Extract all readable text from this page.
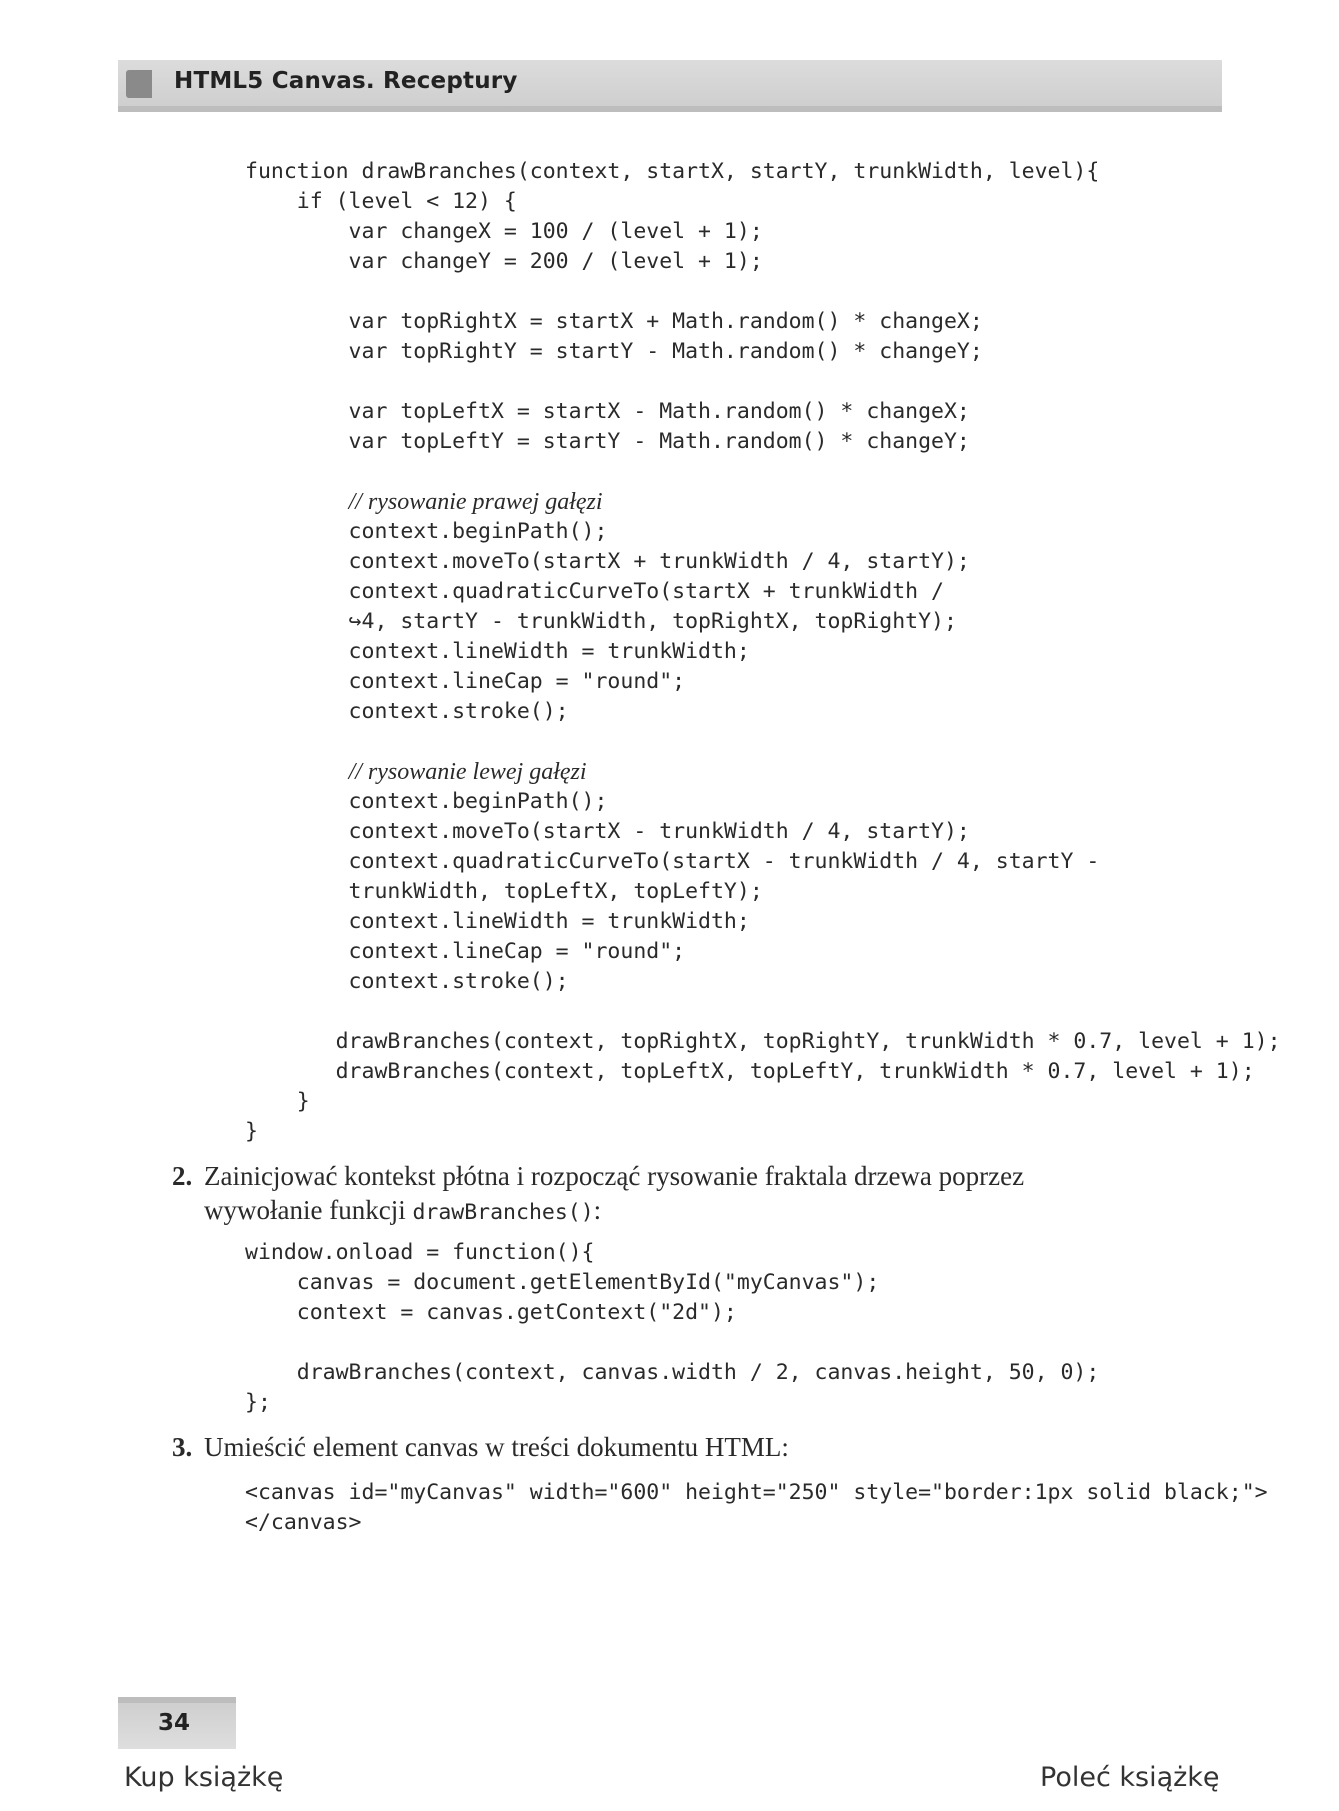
HTML5 Canvas. Receptury
function drawBranches(context, startX, startY, trunkWidth, level){
if (level < 12) {
var changeX = 100 / (level + 1);
var changeY = 200 / (level + 1);

var topRightX = startX + Math.random() * changeX;
var topRightY = startY - Math.random() * changeY;

var topLeftX = startX - Math.random() * changeX;
var topLeftY = startY - Math.random() * changeY;

// rysowanie prawej gałęzi
context.beginPath();
context.moveTo(startX + trunkWidth / 4, startY);
context.quadraticCurveTo(startX + trunkWidth /
↪4, startY - trunkWidth, topRightX, topRightY);
context.lineWidth = trunkWidth;
context.lineCap = "round";
context.stroke();

// rysowanie lewej gałęzi
context.beginPath();
context.moveTo(startX - trunkWidth / 4, startY);
context.quadraticCurveTo(startX - trunkWidth / 4, startY -
trunkWidth, topLeftX, topLeftY);
context.lineWidth = trunkWidth;
context.lineCap = "round";
context.stroke();

drawBranches(context, topRightX, topRightY, trunkWidth * 0.7, level + 1);
drawBranches(context, topLeftX, topLeftY, trunkWidth * 0.7, level + 1);
}
}
2. Zainicjować kontekst płótna i rozpocząć rysowanie fraktala drzewa poprzez
wywołanie funkcji drawBranches():
window.onload = function(){
canvas = document.getElementById("myCanvas");
context = canvas.getContext("2d");

drawBranches(context, canvas.width / 2, canvas.height, 50, 0);
};
3. Umieścić element canvas w treści dokumentu HTML:
<canvas id="myCanvas" width="600" height="250" style="border:1px solid black;">
</canvas>
34
Kup książkę	Poleć książkę
